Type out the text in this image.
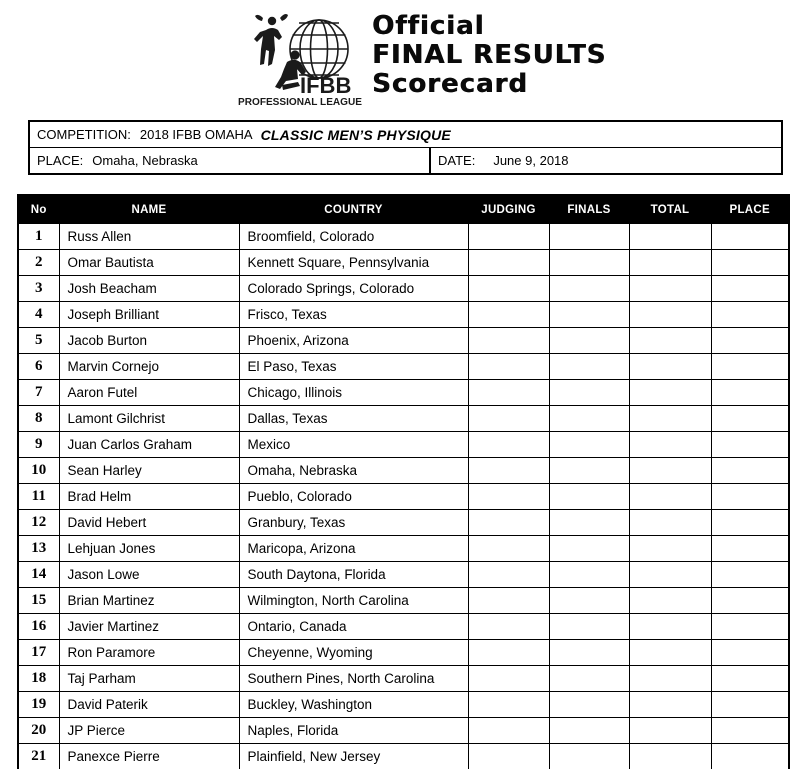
IFBB
PROFESSIONAL LEAGUE
Official
FINAL RESULTS
Scorecard
COMPETITION: 2018 IFBB OMAHA CLASSIC MEN’S PHYSIQUE
PLACE: Omaha, Nebraska	DATE: June 9, 2018
No	NAME	COUNTRY	JUDGING	FINALS	TOTAL	PLACE
1	Russ Allen	Broomfield, Colorado				
2	Omar Bautista	Kennett Square, Pennsylvania				
3	Josh Beacham	Colorado Springs, Colorado				
4	Joseph Brilliant	Frisco, Texas				
5	Jacob Burton	Phoenix, Arizona				
6	Marvin Cornejo	El Paso, Texas				
7	Aaron Futel	Chicago, Illinois				
8	Lamont Gilchrist	Dallas, Texas				
9	Juan Carlos Graham	Mexico				
10	Sean Harley	Omaha, Nebraska				
11	Brad Helm	Pueblo, Colorado				
12	David Hebert	Granbury, Texas				
13	Lehjuan Jones	Maricopa, Arizona				
14	Jason Lowe	South Daytona, Florida				
15	Brian Martinez	Wilmington, North Carolina				
16	Javier Martinez	Ontario, Canada				
17	Ron Paramore	Cheyenne, Wyoming				
18	Taj Parham	Southern Pines, North Carolina				
19	David Paterik	Buckley, Washington				
20	JP Pierce	Naples, Florida				
21	Panexce Pierre	Plainfield, New Jersey				
